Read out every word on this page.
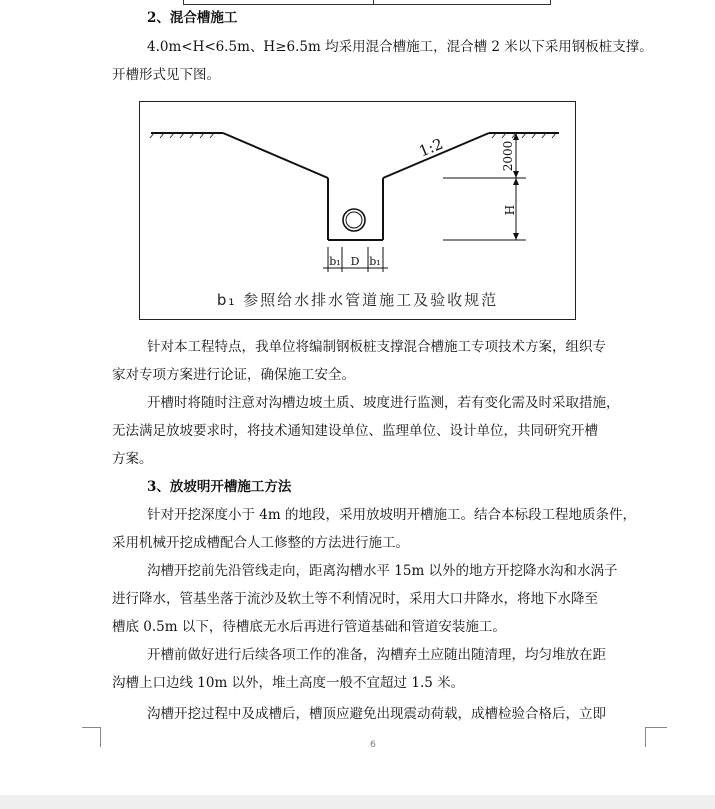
2、混合槽施工
4.0m<H<6.5m、H≥6.5m 均采用混合槽施工，混合槽 2 米以下采用钢板桩支撑。
开槽形式见下图。
1:2	2000
H
b₁ D b₁
b₁ 参照给水排水管道施工及验收规范
针对本工程特点，我单位将编制钢板桩支撑混合槽施工专项技术方案，组织专
家对专项方案进行论证，确保施工安全。
开槽时将随时注意对沟槽边坡土质、坡度进行监测，若有变化需及时采取措施，
无法满足放坡要求时，将技术通知建设单位、监理单位、设计单位，共同研究开槽
方案。
3、放坡明开槽施工方法
针对开挖深度小于 4m 的地段，采用放坡明开槽施工。结合本标段工程地质条件，
采用机械开挖成槽配合人工修整的方法进行施工。
沟槽开挖前先沿管线走向，距离沟槽水平 15m 以外的地方开挖降水沟和水涡子
进行降水，管基坐落于流沙及软土等不利情况时，采用大口井降水，将地下水降至
槽底 0.5m 以下，待槽底无水后再进行管道基础和管道安装施工。
开槽前做好进行后续各项工作的准备，沟槽弃土应随出随清理，均匀堆放在距
沟槽上口边线 10m 以外，堆土高度一般不宜超过 1.5 米。
沟槽开挖过程中及成槽后，槽顶应避免出现震动荷载，成槽检验合格后，立即
6
